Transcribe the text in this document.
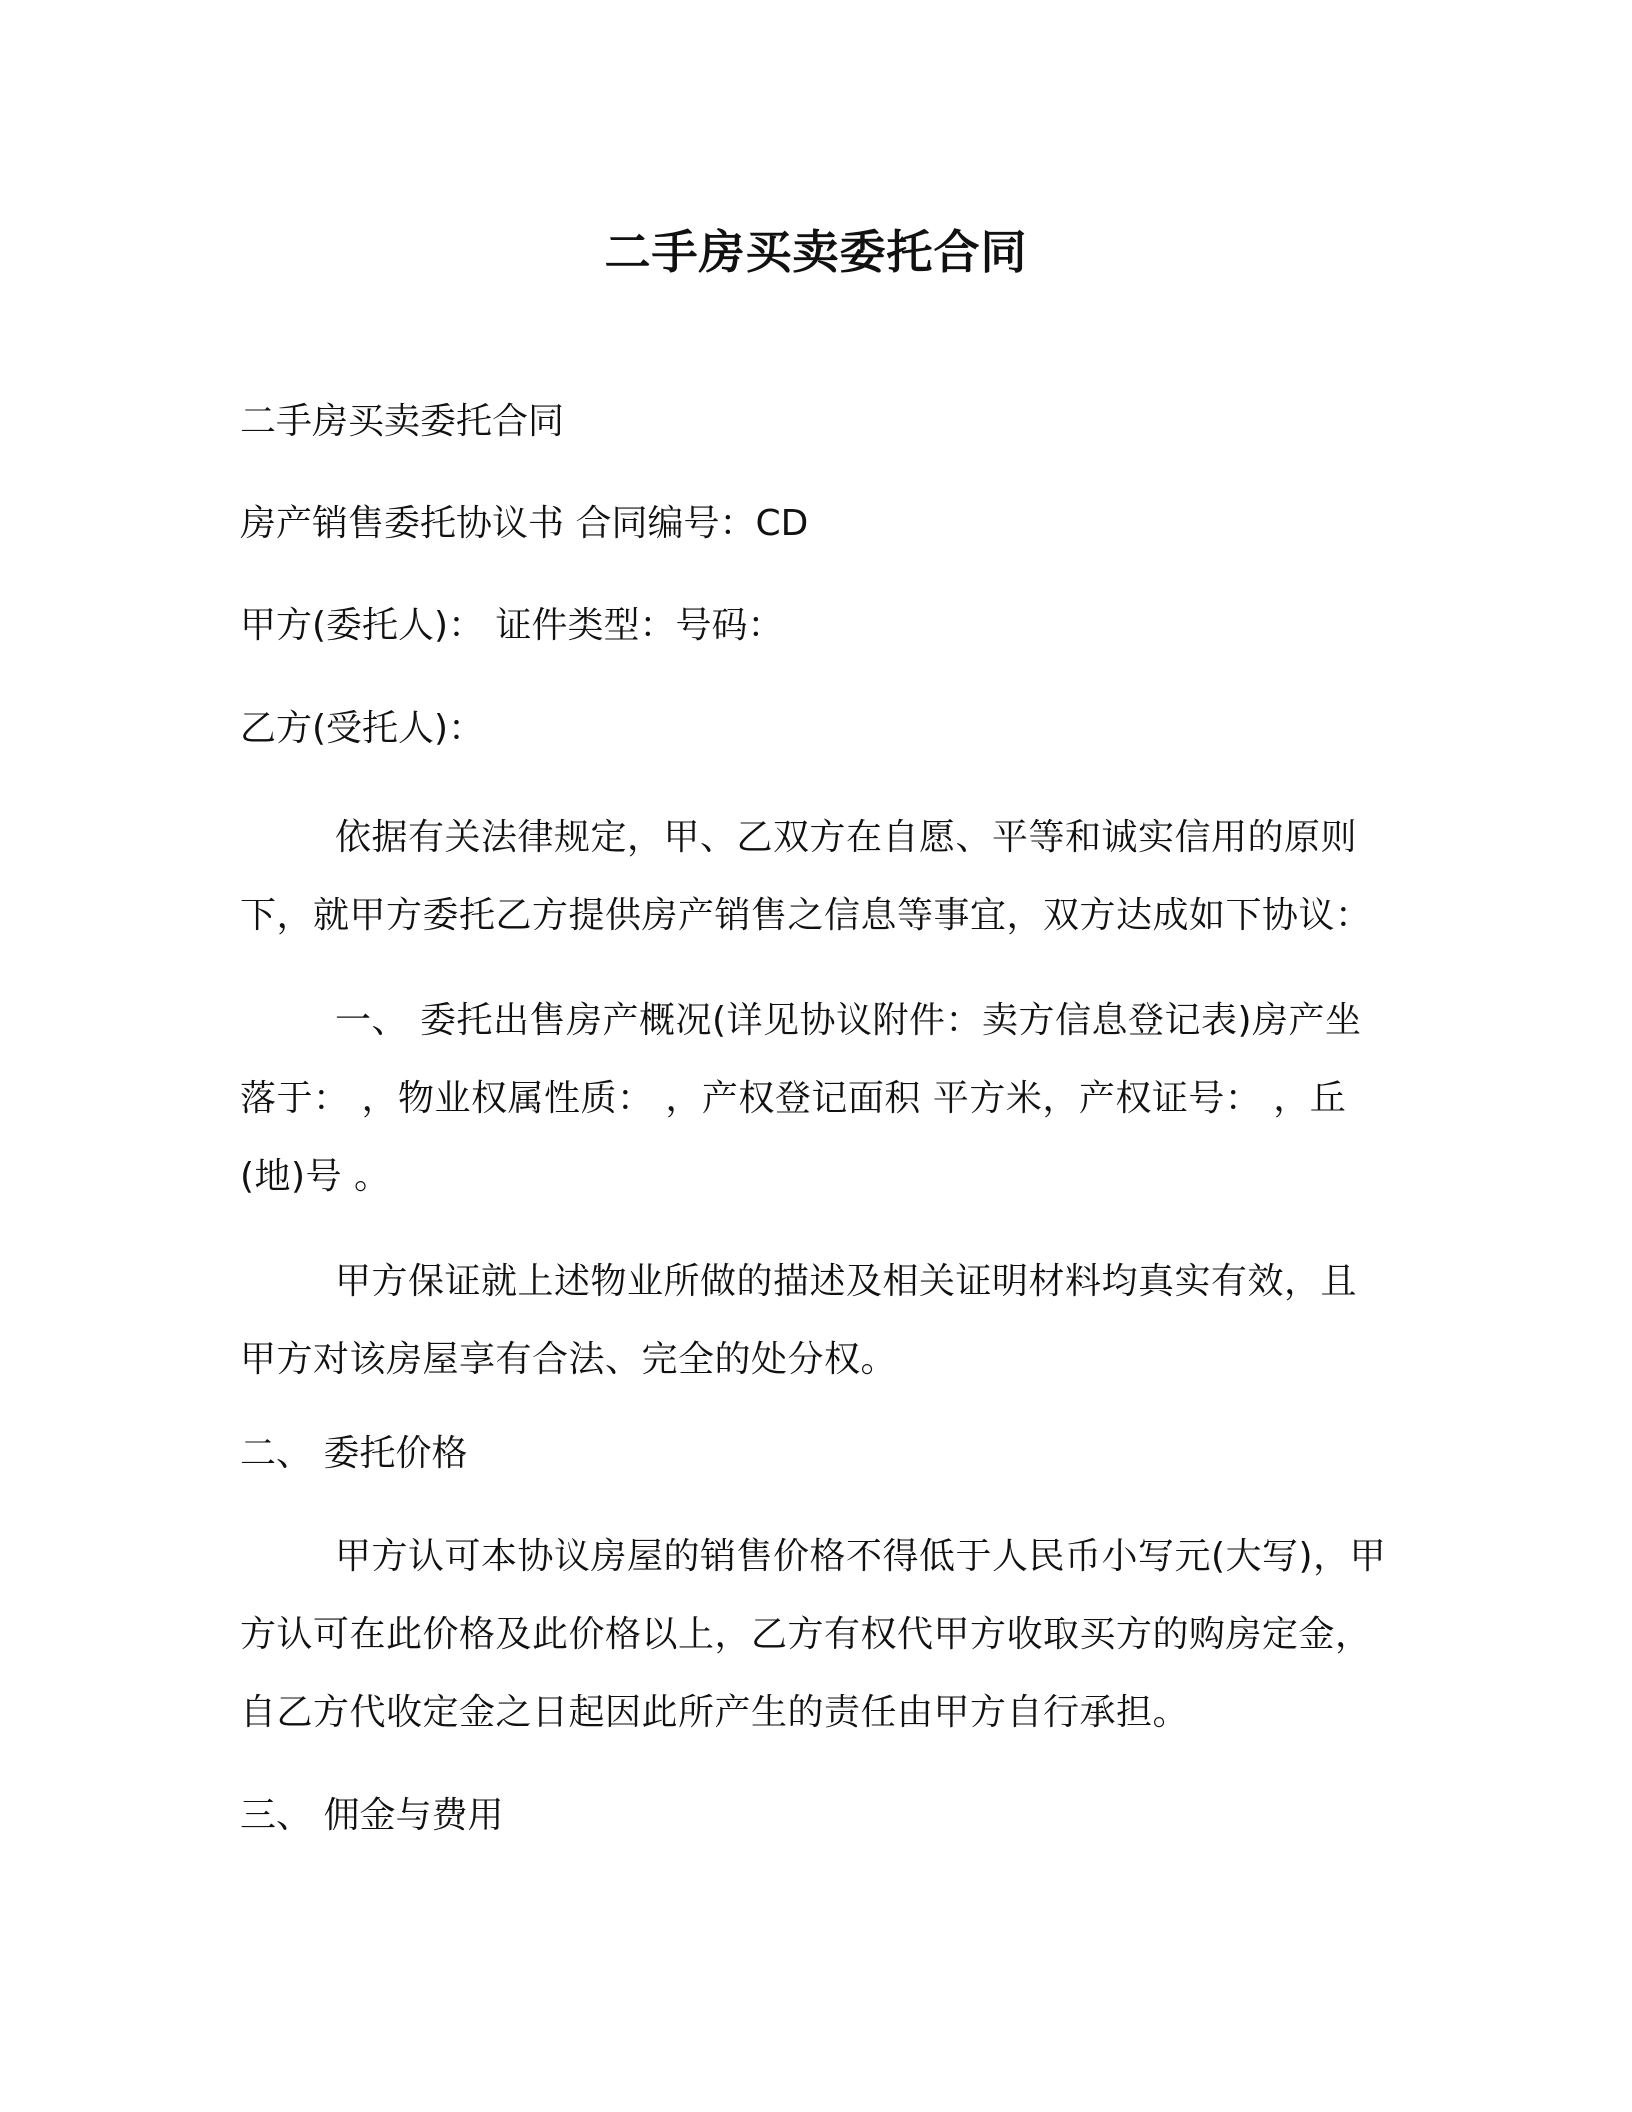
二手房买卖委托合同
二手房买卖委托合同
房产销售委托协议书 合同编号：CD
甲方(委托人)： 证件类型：号码：
乙方(受托人)：
依据有关法律规定，甲、乙双方在自愿、平等和诚实信用的原则下，就甲方委托乙方提供房产销售之信息等事宜，双方达成如下协议：
一、 委托出售房产概况(详见协议附件：卖方信息登记表)房产坐落于： ，物业权属性质： ，产权登记面积 平方米，产权证号： ，丘(地)号 。
甲方保证就上述物业所做的描述及相关证明材料均真实有效，且甲方对该房屋享有合法、完全的处分权。
二、 委托价格
甲方认可本协议房屋的销售价格不得低于人民币小写元(大写)，甲方认可在此价格及此价格以上，乙方有权代甲方收取买方的购房定金，自乙方代收定金之日起因此所产生的责任由甲方自行承担。
三、 佣金与费用
